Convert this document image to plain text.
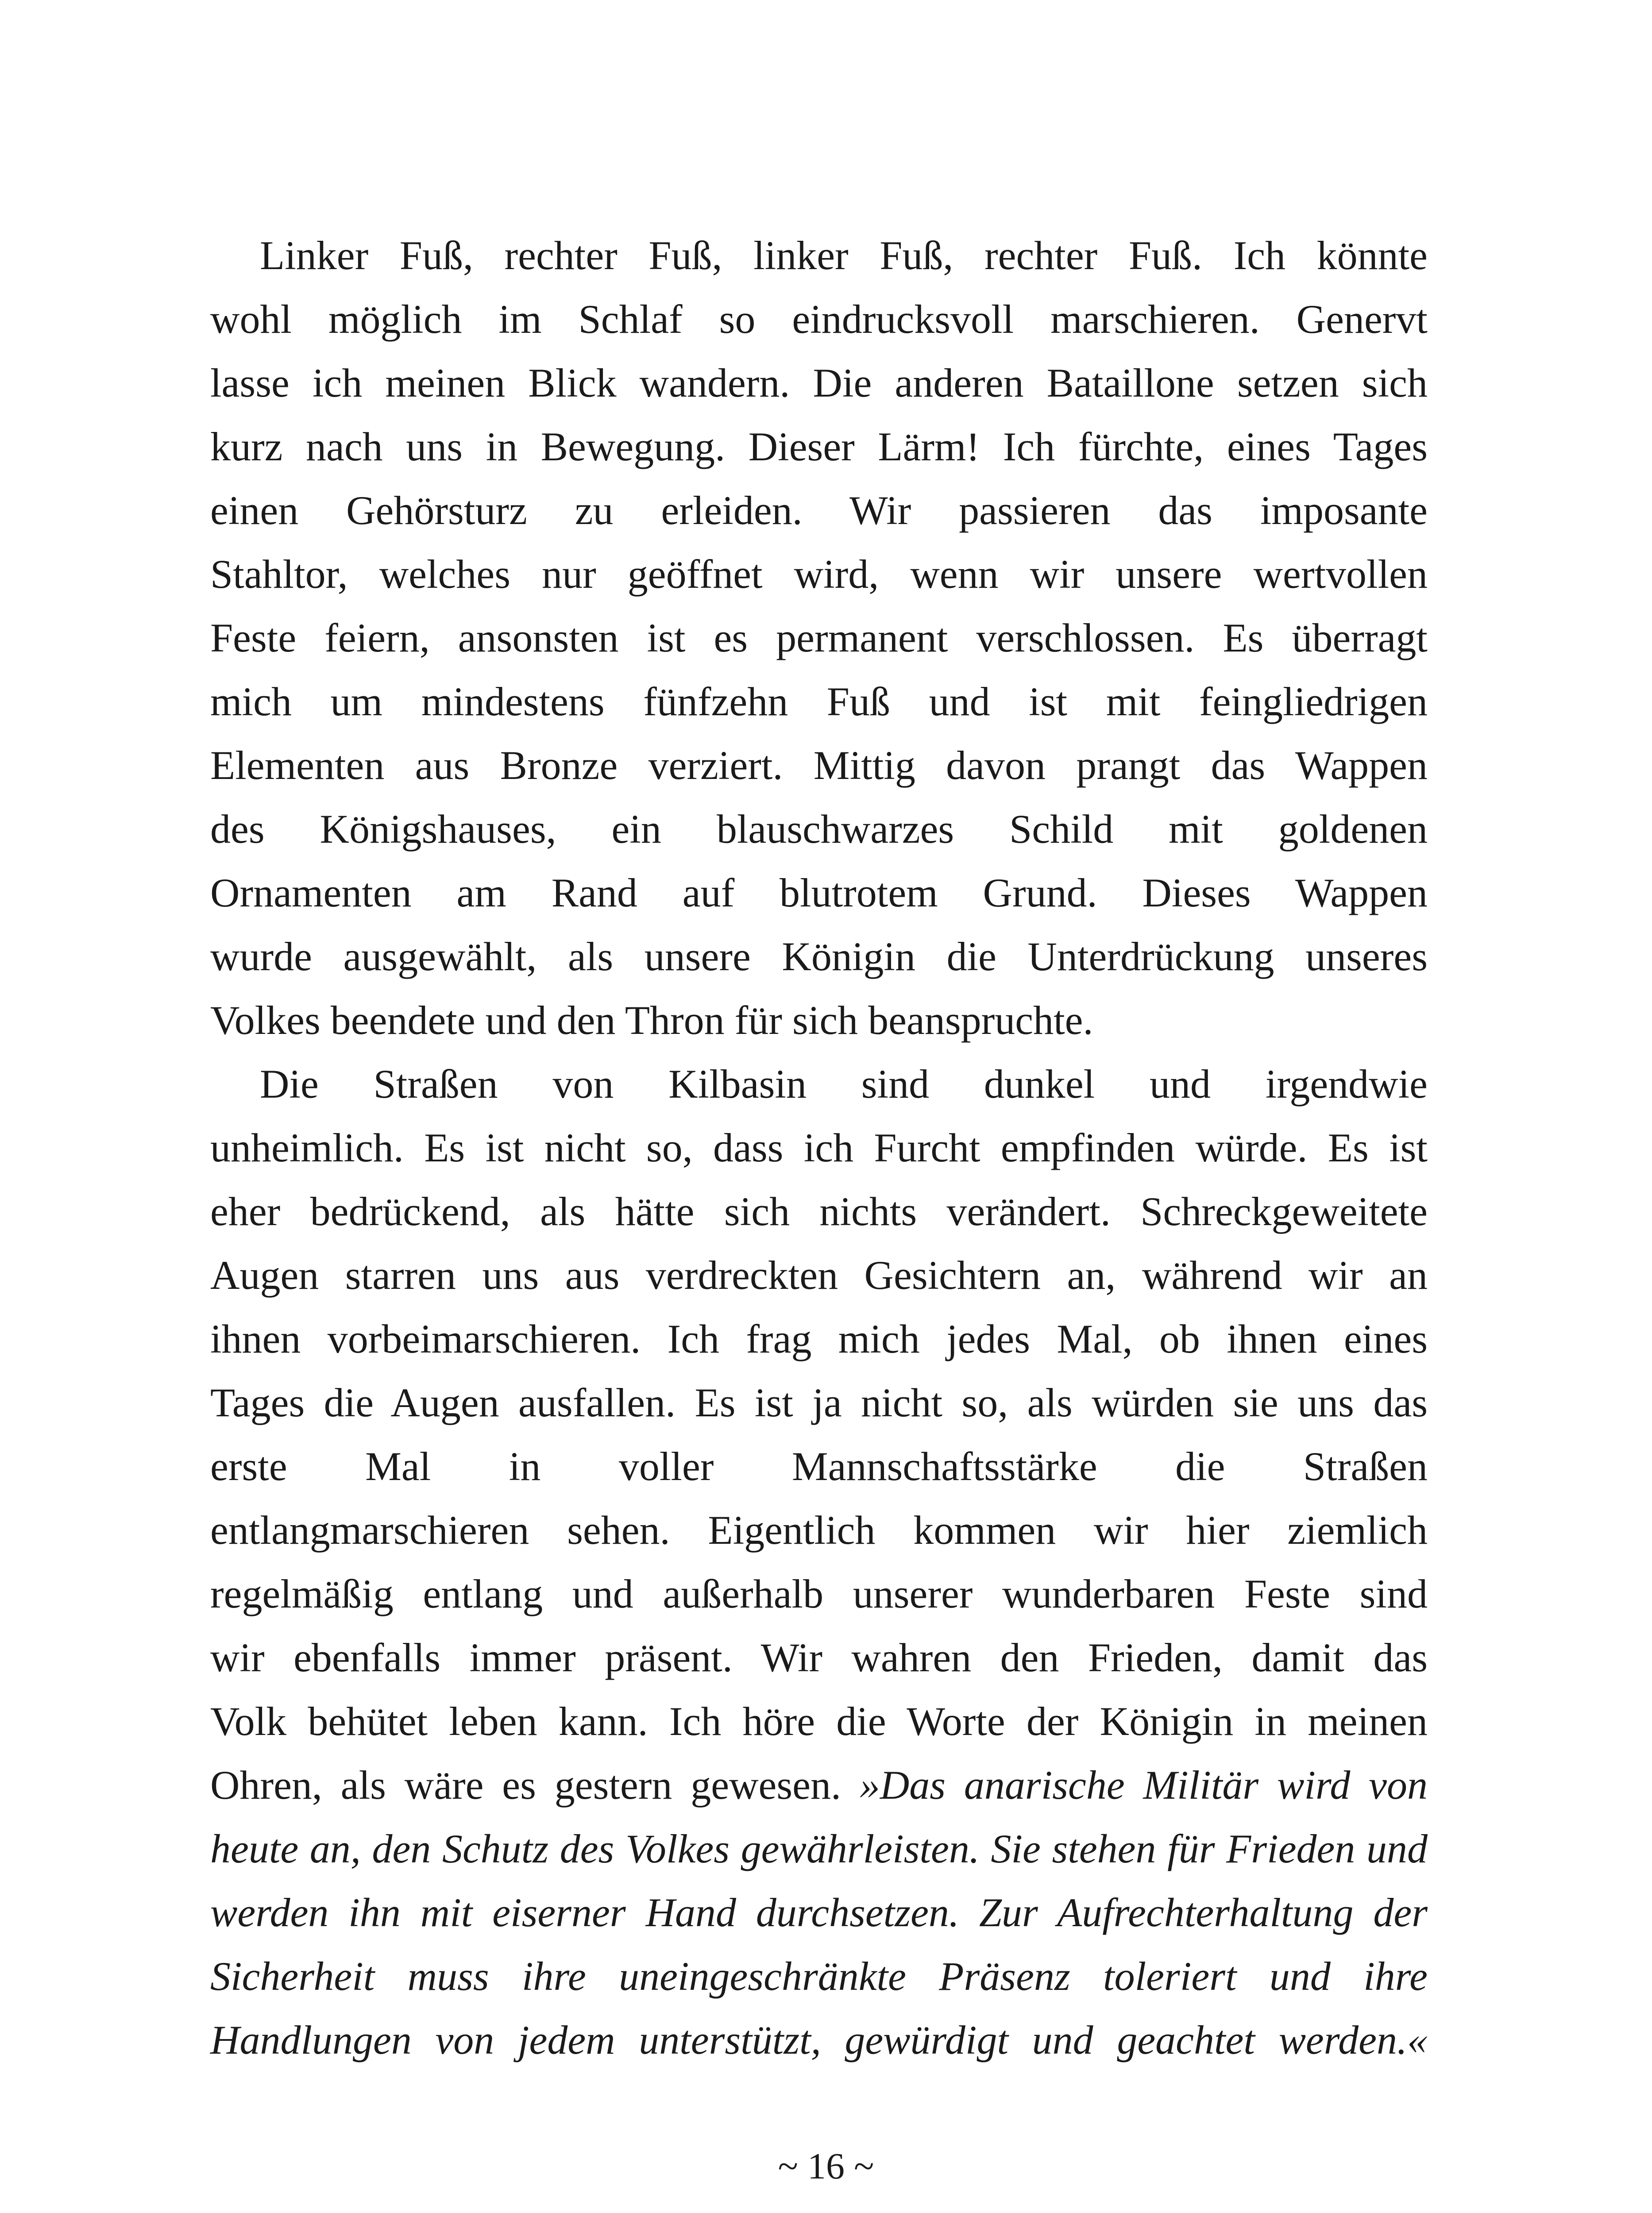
Linker Fuß, rechter Fuß, linker Fuß, rechter Fuß. Ich könnte
wohl möglich im Schlaf so eindrucksvoll marschieren. Genervt
lasse ich meinen Blick wandern. Die anderen Bataillone setzen sich
kurz nach uns in Bewegung. Dieser Lärm! Ich fürchte, eines Tages
einen Gehörsturz zu erleiden. Wir passieren das imposante
Stahltor, welches nur geöffnet wird, wenn wir unsere wertvollen
Feste feiern, ansonsten ist es permanent verschlossen. Es überragt
mich um mindestens fünfzehn Fuß und ist mit feingliedrigen
Elementen aus Bronze verziert. Mittig davon prangt das Wappen
des Königshauses, ein blauschwarzes Schild mit goldenen
Ornamenten am Rand auf blutrotem Grund. Dieses Wappen
wurde ausgewählt, als unsere Königin die Unterdrückung unseres
Volkes beendete und den Thron für sich beanspruchte.
Die Straßen von Kilbasin sind dunkel und irgendwie
unheimlich. Es ist nicht so, dass ich Furcht empfinden würde. Es ist
eher bedrückend, als hätte sich nichts verändert. Schreckgeweitete
Augen starren uns aus verdreckten Gesichtern an, während wir an
ihnen vorbeimarschieren. Ich frag mich jedes Mal, ob ihnen eines
Tages die Augen ausfallen. Es ist ja nicht so, als würden sie uns das
erste Mal in voller Mannschaftsstärke die Straßen
entlangmarschieren sehen. Eigentlich kommen wir hier ziemlich
regelmäßig entlang und außerhalb unserer wunderbaren Feste sind
wir ebenfalls immer präsent. Wir wahren den Frieden, damit das
Volk behütet leben kann. Ich höre die Worte der Königin in meinen
Ohren, als wäre es gestern gewesen. »Das anarische Militär wird von
heute an, den Schutz des Volkes gewährleisten. Sie stehen für Frieden und
werden ihn mit eiserner Hand durchsetzen. Zur Aufrechterhaltung der
Sicherheit muss ihre uneingeschränkte Präsenz toleriert und ihre
Handlungen von jedem unterstützt, gewürdigt und geachtet werden.«
~ 16 ~
